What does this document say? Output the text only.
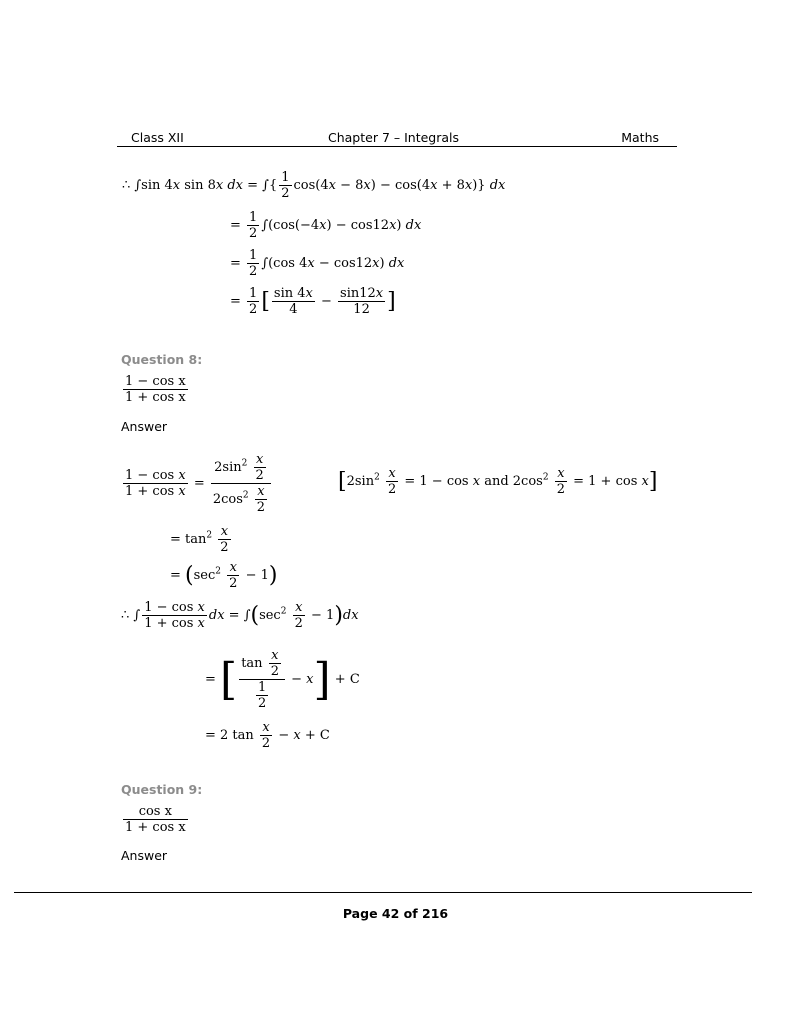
Class XII	Chapter 7 – Integrals	Maths
∴ ∫sin 4x sin 8x dx = ∫{ $\frac{1}{2} \cos(4x - 8x) - \cos(4x + 8x)$} dx
= $\frac{1}{2} \int(\cos(-4x) - \cos 12x)$ dx
= $\frac{1}{2} \int(\cos$ 4x − cos12x) dx
= $\frac{1}{2}$ [ $\frac{\sin 4x}{4} - \frac{\sin 12x}{12}$ ]
Question 8:
$\frac{\text{1 − cos x}}{\text{1 + cos x}}$
Answer
$\frac{\text{1 − cos x}}{\text{1 + cos x}} = \frac{2\sin^2 \frac{x}{2}}{2\cos^2 \frac{x}{2}}$	[$2\sin^2 \frac{x}{2} = 1 - \cos x$ and $2\cos^2 \frac{x}{2} = 1 + \cos x$]
= $\tan^2 \frac{x}{2}$
= $(\sec^2 \frac{x}{2} - 1)$
∴ ∫ $\frac{\text{1 − cos x}}{\text{1 + cos x}}$ dx = $\int(\sec^2 \frac{x}{2} - 1)dx$
= [ $\frac{\tan \frac{x}{2}}{\frac{1}{2}} - x] + C$
= 2 $\tan \frac{x}{2} - x + C$
Question 9:
$\frac{\text{cos x}}{\text{1 + cos x}}$
Answer
Page 42 of 216
